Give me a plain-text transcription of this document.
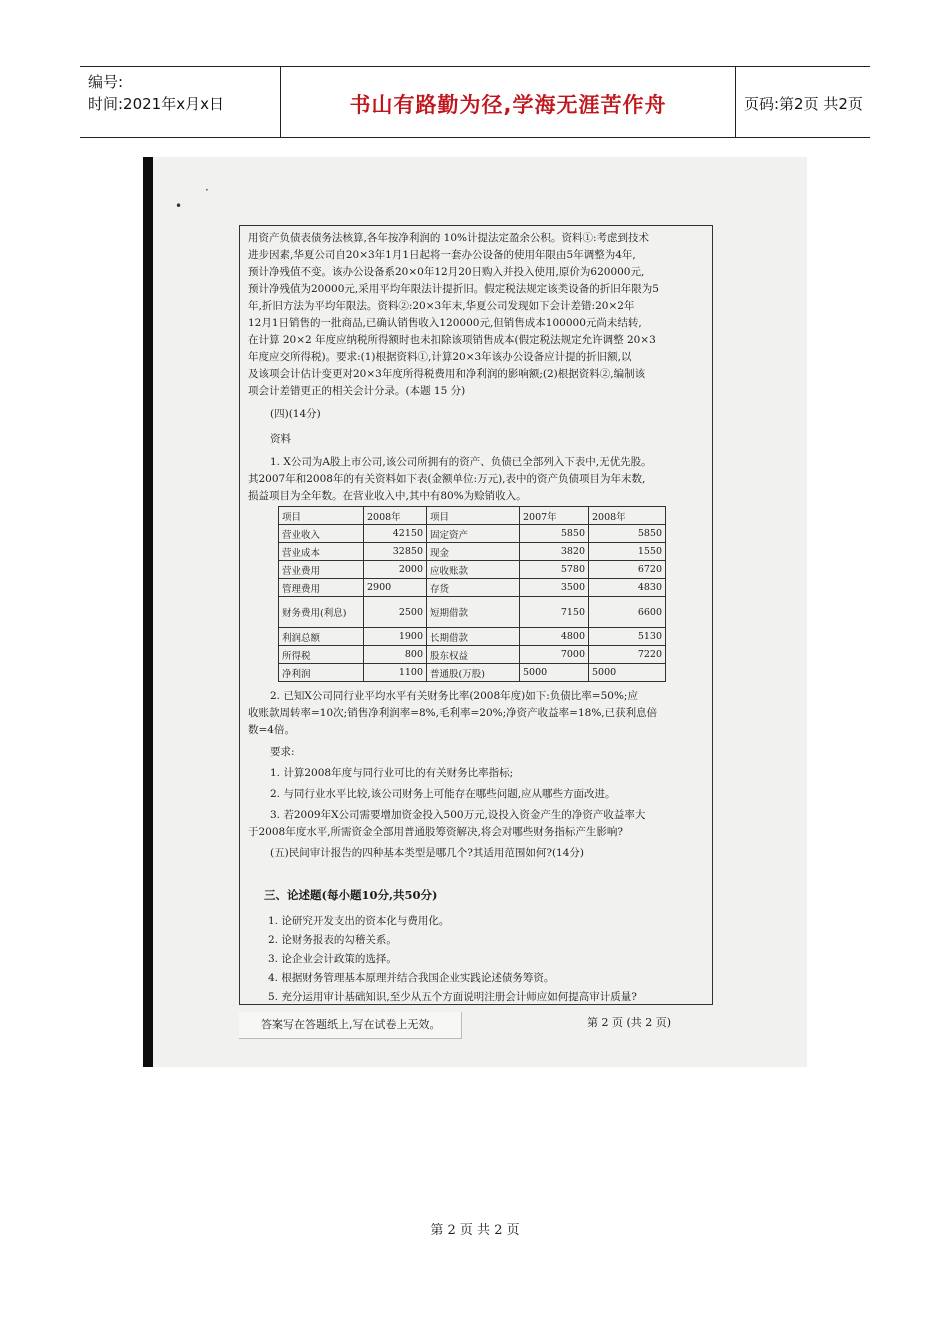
编号:
时间:2021年x月x日	书山有路勤为径,学海无涯苦作舟	页码:第2页 共2页
•
·
用资产负债表债务法核算,各年按净利润的 10%计提法定盈余公积。资料①:考虑到技术
进步因素,华夏公司自20×3年1月1日起将一套办公设备的使用年限由5年调整为4年,
预计净残值不变。该办公设备系20×0年12月20日购入并投入使用,原价为620000元,
预计净残值为20000元,采用平均年限法计提折旧。假定税法规定该类设备的折旧年限为5
年,折旧方法为平均年限法。资料②:20×3年末,华夏公司发现如下会计差错:20×2年
12月1日销售的一批商品,已确认销售收入120000元,但销售成本100000元尚未结转,
在计算 20×2 年度应纳税所得额时也未扣除该项销售成本(假定税法规定允许调整 20×3
年度应交所得税)。要求:(1)根据资料①,计算20×3年该办公设备应计提的折旧额,以
及该项会计估计变更对20×3年度所得税费用和净利润的影响额;(2)根据资料②,编制该
项会计差错更正的相关会计分录。(本题 15 分)
(四)(14分)
资料
1. X公司为A股上市公司,该公司所拥有的资产、负债已全部列入下表中,无优先股。
其2007年和2008年的有关资料如下表(金额单位:万元),表中的资产负债项目为年末数,
损益项目为全年数。在营业收入中,其中有80%为赊销收入。
项目	2008年	项目	2007年	2008年
营业收入	42150	固定资产	5850	5850
营业成本	32850	现金	3820	1550
营业费用	2000	应收账款	5780	6720
管理费用	2900	存货	3500	4830
财务费用(利息)	2500	短期借款	7150	6600
利润总额	1900	长期借款	4800	5130
所得税	800	股东权益	7000	7220
净利润	1100	普通股(万股)	5000	5000
2. 已知X公司同行业平均水平有关财务比率(2008年度)如下:负债比率=50%;应
收账款周转率=10次;销售净利润率=8%,毛利率=20%;净资产收益率=18%,已获利息倍
数=4倍。
要求:
1. 计算2008年度与同行业可比的有关财务比率指标;
2. 与同行业水平比较,该公司财务上可能存在哪些问题,应从哪些方面改进。
3. 若2009年X公司需要增加资金投入500万元,设投入资金产生的净资产收益率大
于2008年度水平,所需资金全部用普通股筹资解决,将会对哪些财务指标产生影响?
(五)民间审计报告的四种基本类型是哪几个?其适用范围如何?(14分)
三、论述题(每小题10分,共50分)
1. 论研究开发支出的资本化与费用化。
2. 论财务报表的勾稽关系。
3. 论企业会计政策的选择。
4. 根据财务管理基本原理并结合我国企业实践论述债务筹资。
5. 充分运用审计基础知识,至少从五个方面说明注册会计师应如何提高审计质量?
答案写在答题纸上,写在试卷上无效。	第 2 页 (共 2 页)
第 2 页 共 2 页
